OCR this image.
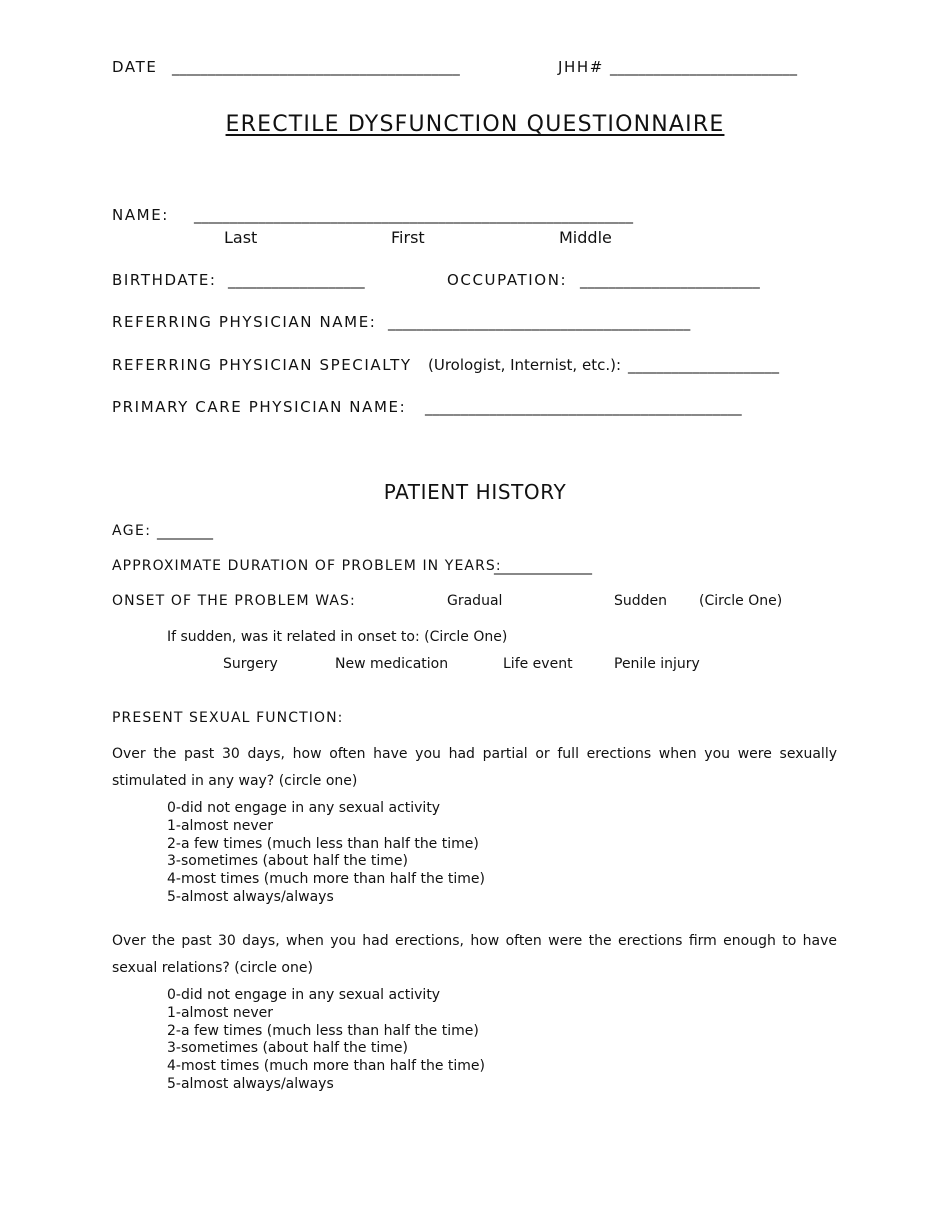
DATE ________________________________________	JHH# __________________________
ERECTILE DYSFUNCTION QUESTIONNAIRE
NAME: _____________________________________________________________
Last	First	Middle
BIRTHDATE: ___________________	OCCUPATION: _________________________
REFERRING PHYSICIAN NAME: __________________________________________
REFERRING PHYSICIAN SPECIALTY (Urologist, Internist, etc.): _____________________
PRIMARY CARE PHYSICIAN NAME: ____________________________________________
PATIENT HISTORY
AGE: ________
APPROXIMATE DURATION OF PROBLEM IN YEARS:
______________
ONSET OF THE PROBLEM WAS:	Gradual	Sudden (Circle One)
If sudden, was it related in onset to: (Circle One)
Surgery	New medication	Life event	Penile injury
PRESENT SEXUAL FUNCTION:
Over the past 30 days, how often have you had partial or full erections when you were sexually stimulated in any way? (circle one)
0-did not engage in any sexual activity
1-almost never
2-a few times (much less than half the time)
3-sometimes (about half the time)
4-most times (much more than half the time)
5-almost always/always
Over the past 30 days, when you had erections, how often were the erections firm enough to have sexual relations? (circle one)
0-did not engage in any sexual activity
1-almost never
2-a few times (much less than half the time)
3-sometimes (about half the time)
4-most times (much more than half the time)
5-almost always/always
